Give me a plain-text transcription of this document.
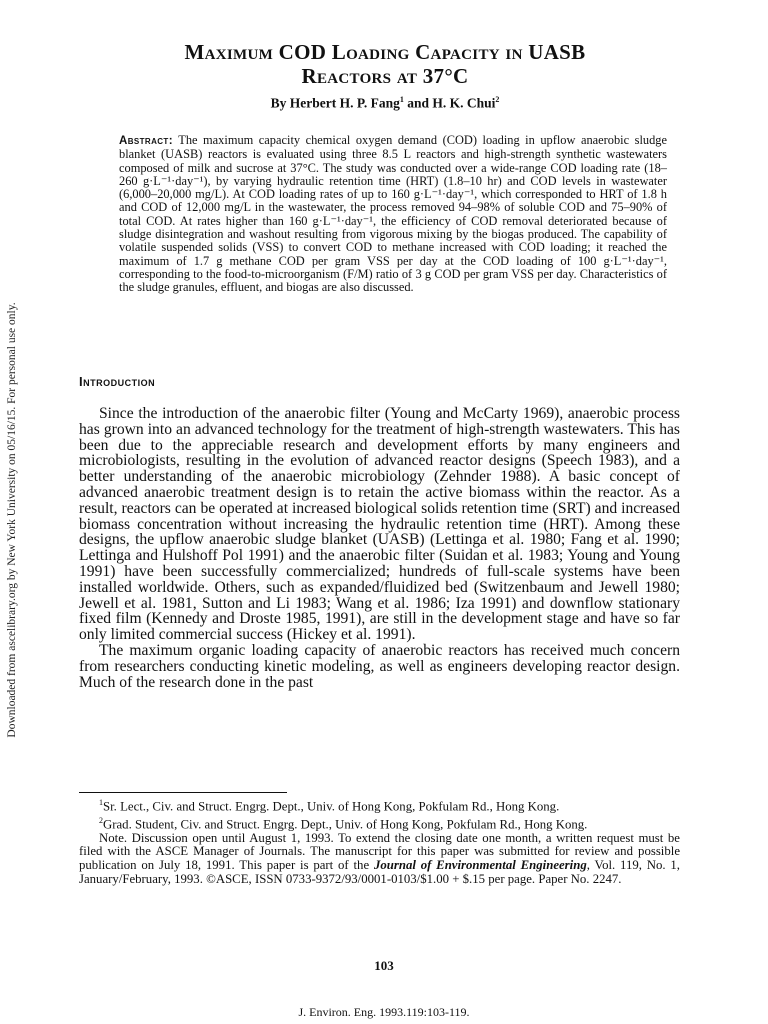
Downloaded from ascelibrary.org by New York University on 05/16/15. For personal use only.
Maximum COD Loading Capacity in UASB
Reactors at 37°C
By Herbert H. P. Fang$^1$ and H. K. Chui$^2$
Abstract: The maximum capacity chemical oxygen demand (COD) loading in upflow anaerobic sludge blanket (UASB) reactors is evaluated using three 8.5 L reactors and high-strength synthetic wastewaters composed of milk and sucrose at 37°C. The study was conducted over a wide-range COD loading rate (18–260 g·L⁻¹·day⁻¹), by varying hydraulic retention time (HRT) (1.8–10 hr) and COD levels in wastewater (6,000–20,000 mg/L). At COD loading rates of up to 160 g·L⁻¹·day⁻¹, which corresponded to HRT of 1.8 h and COD of 12,000 mg/L in the wastewater, the process removed 94–98% of soluble COD and 75–90% of total COD. At rates higher than 160 g·L⁻¹·day⁻¹, the efficiency of COD removal deteriorated because of sludge disintegration and washout resulting from vigorous mixing by the biogas produced. The capability of volatile suspended solids (VSS) to convert COD to methane increased with COD loading; it reached the maximum of 1.7 g methane COD per gram VSS per day at the COD loading of 100 g·L⁻¹·day⁻¹, corresponding to the food-to-microorganism (F/M) ratio of 3 g COD per gram VSS per day. Characteristics of the sludge granules, effluent, and biogas are also discussed.
Introduction

Since the introduction of the anaerobic filter (Young and McCarty 1969), anaerobic process has grown into an advanced technology for the treatment of high-strength wastewaters. This has been due to the appreciable research and development efforts by many engineers and microbiologists, resulting in the evolution of advanced reactor designs (Speech 1983), and a better understanding of the anaerobic microbiology (Zehnder 1988). A basic concept of advanced anaerobic treatment design is to retain the active biomass within the reactor. As a result, reactors can be operated at increased biological solids retention time (SRT) and increased biomass concentration without increasing the hydraulic retention time (HRT). Among these designs, the upflow anaerobic sludge blanket (UASB) (Lettinga et al. 1980; Fang et al. 1990; Lettinga and Hulshoff Pol 1991) and the anaerobic filter (Suidan et al. 1983; Young and Young 1991) have been successfully commercialized; hundreds of full-scale systems have been installed worldwide. Others, such as expanded/fluidized bed (Switzenbaum and Jewell 1980; Jewell et al. 1981, Sutton and Li 1983; Wang et al. 1986; Iza 1991) and downflow stationary fixed film (Kennedy and Droste 1985, 1991), are still in the development stage and have so far only limited commercial success (Hickey et al. 1991).

The maximum organic loading capacity of anaerobic reactors has received much concern from researchers conducting kinetic modeling, as well as engineers developing reactor design. Much of the research done in the past

$^1$Sr. Lect., Civ. and Struct. Engrg. Dept., Univ. of Hong Kong, Pokfulam Rd., Hong Kong.

$^2$Grad. Student, Civ. and Struct. Engrg. Dept., Univ. of Hong Kong, Pokfulam Rd., Hong Kong.

Note. Discussion open until August 1, 1993. To extend the closing date one month, a written request must be filed with the ASCE Manager of Journals. The manuscript for this paper was submitted for review and possible publication on July 18, 1991. This paper is part of the Journal of Environmental Engineering, Vol. 119, No. 1, January/February, 1993. ©ASCE, ISSN 0733-9372/93/0001-0103/$1.00 + $.15 per page. Paper No. 2247.

103
J. Environ. Eng. 1993.119:103-119.
